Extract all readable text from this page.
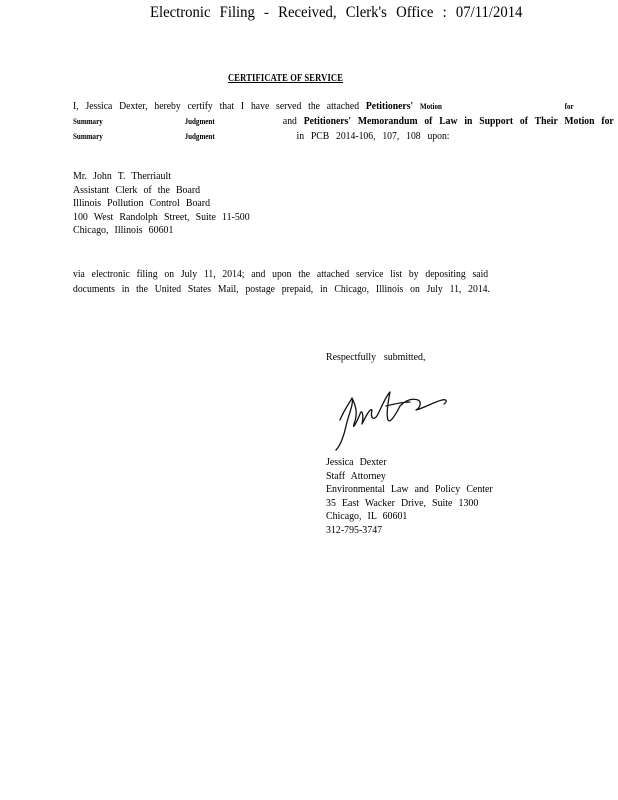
Electronic Filing - Received, Clerk's Office : 07/11/2014
CERTIFICATE OF SERVICE
I, Jessica Dexter, hereby certify that I have served the attached Petitioners' Motion	for
Summary	Judgment	and Petitioners' Memorandum of Law in Support of Their Motion for
Summary	Judgment	in PCB 2014-106, 107, 108 upon:
Mr. John T. Therriault
Assistant Clerk of the Board
Illinois Pollution Control Board
100 West Randolph Street, Suite 11-500
Chicago, Illinois 60601
via electronic filing on July 11, 2014; and upon the attached service list by depositing said
documents in the United States Mail, postage prepaid, in Chicago, Illinois on July 11, 2014.
Respectfully submitted,
Jessica Dexter
Staff Attorney
Environmental Law and Policy Center
35 East Wacker Drive, Suite 1300
Chicago, IL 60601
312-795-3747
